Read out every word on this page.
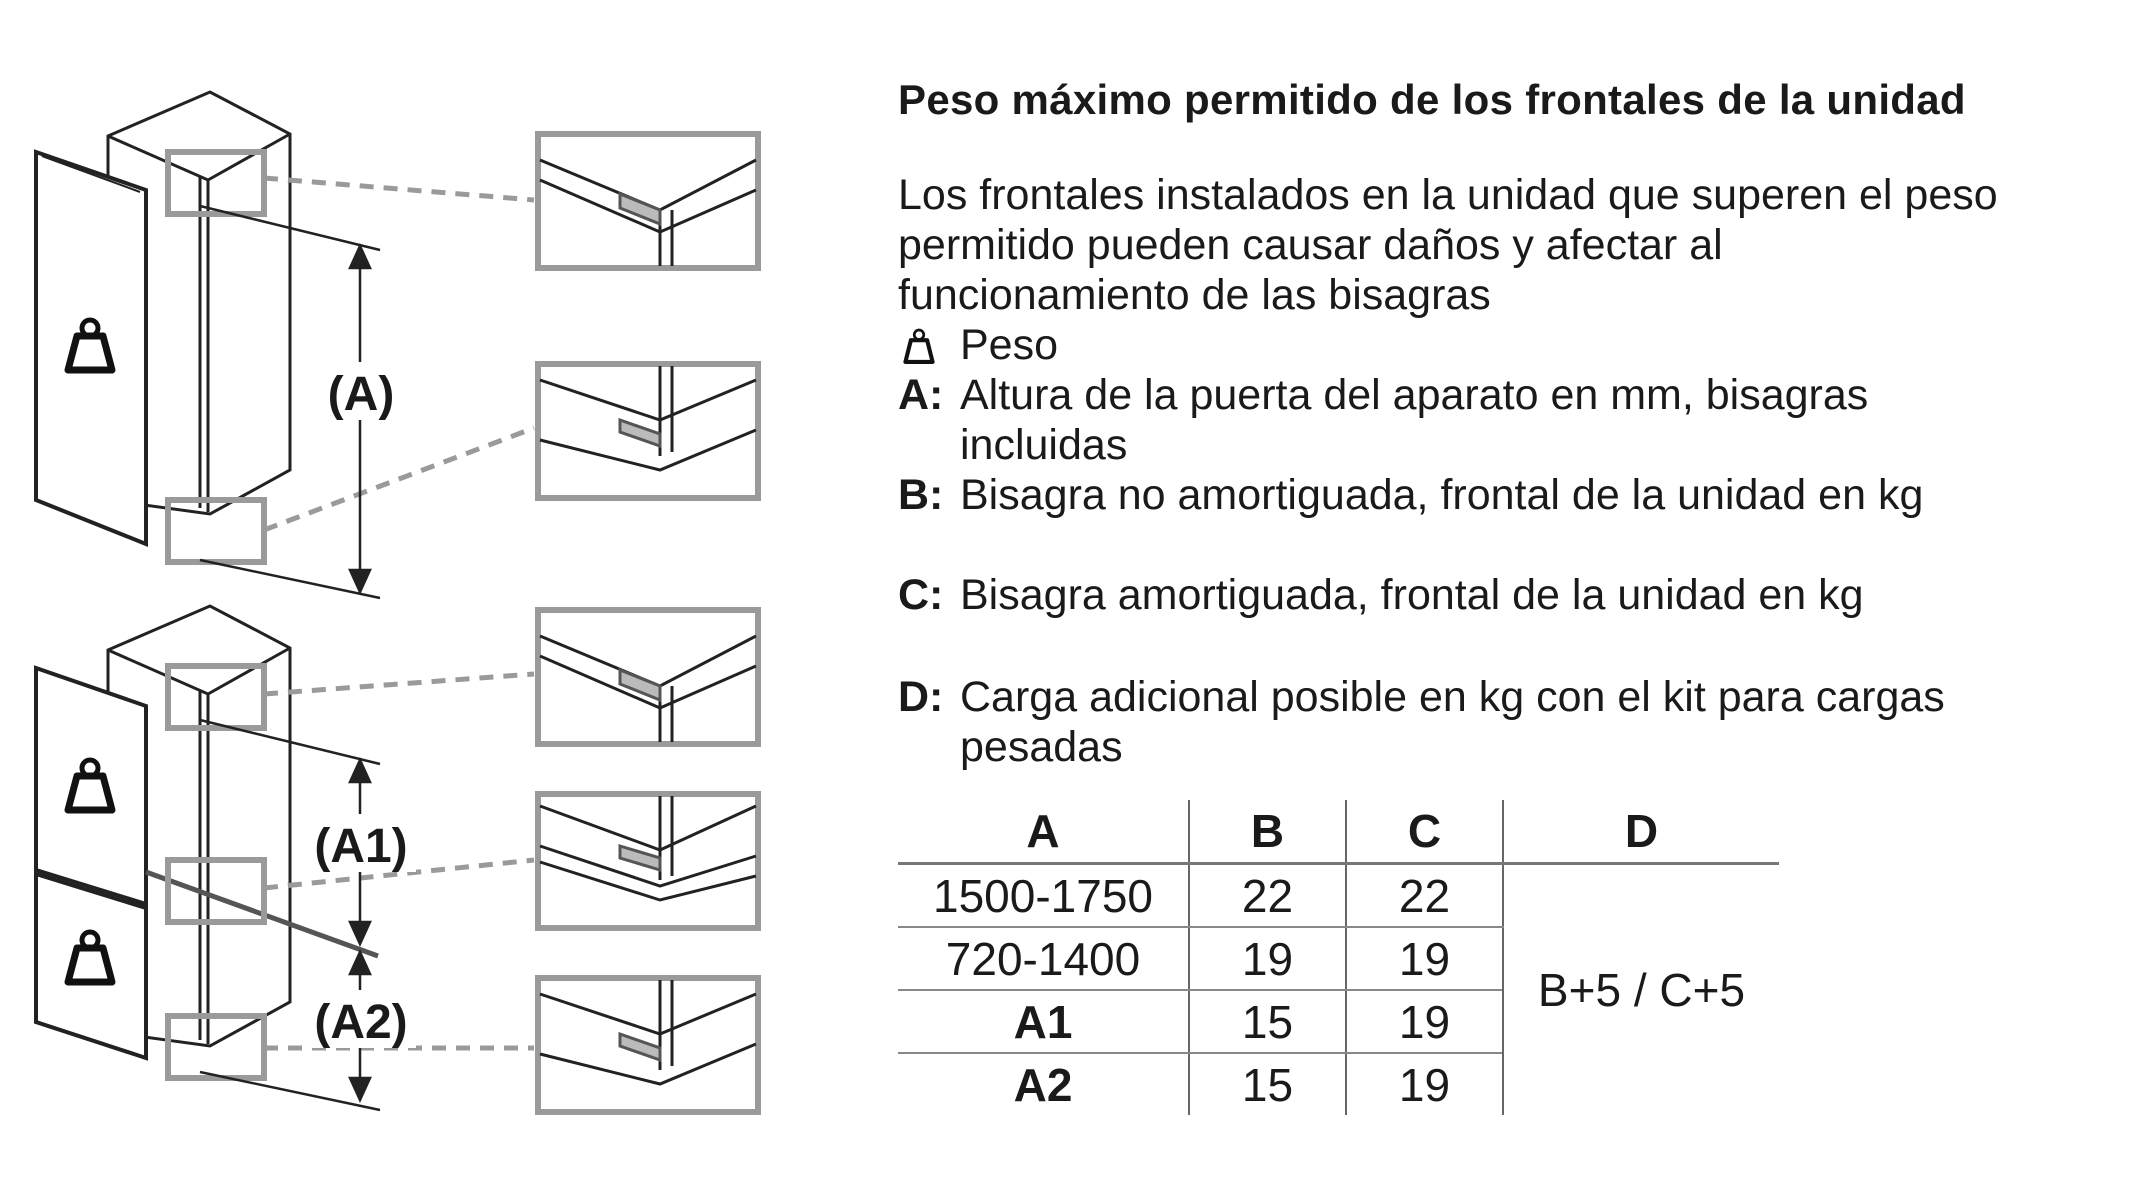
(A)
(A1)
(A2)
Peso máximo permitido de los frontales de la unidad
Los frontales instalados en la unidad que superen el peso
permitido pueden causar daños y afectar al
funcionamiento de las bisagras
Peso
A: Altura de la puerta del aparato en mm, bisagras
incluidas
B: Bisagra no amortiguada, frontal de la unidad en kg
C: Bisagra amortiguada, frontal de la unidad en kg
D: Carga adicional posible en kg con el kit para cargas
pesadas
A	B	C	D
1500-1750	22	22	B+5 / C+5
720-1400	19	19	
A1	15	19	
A2	15	19	
